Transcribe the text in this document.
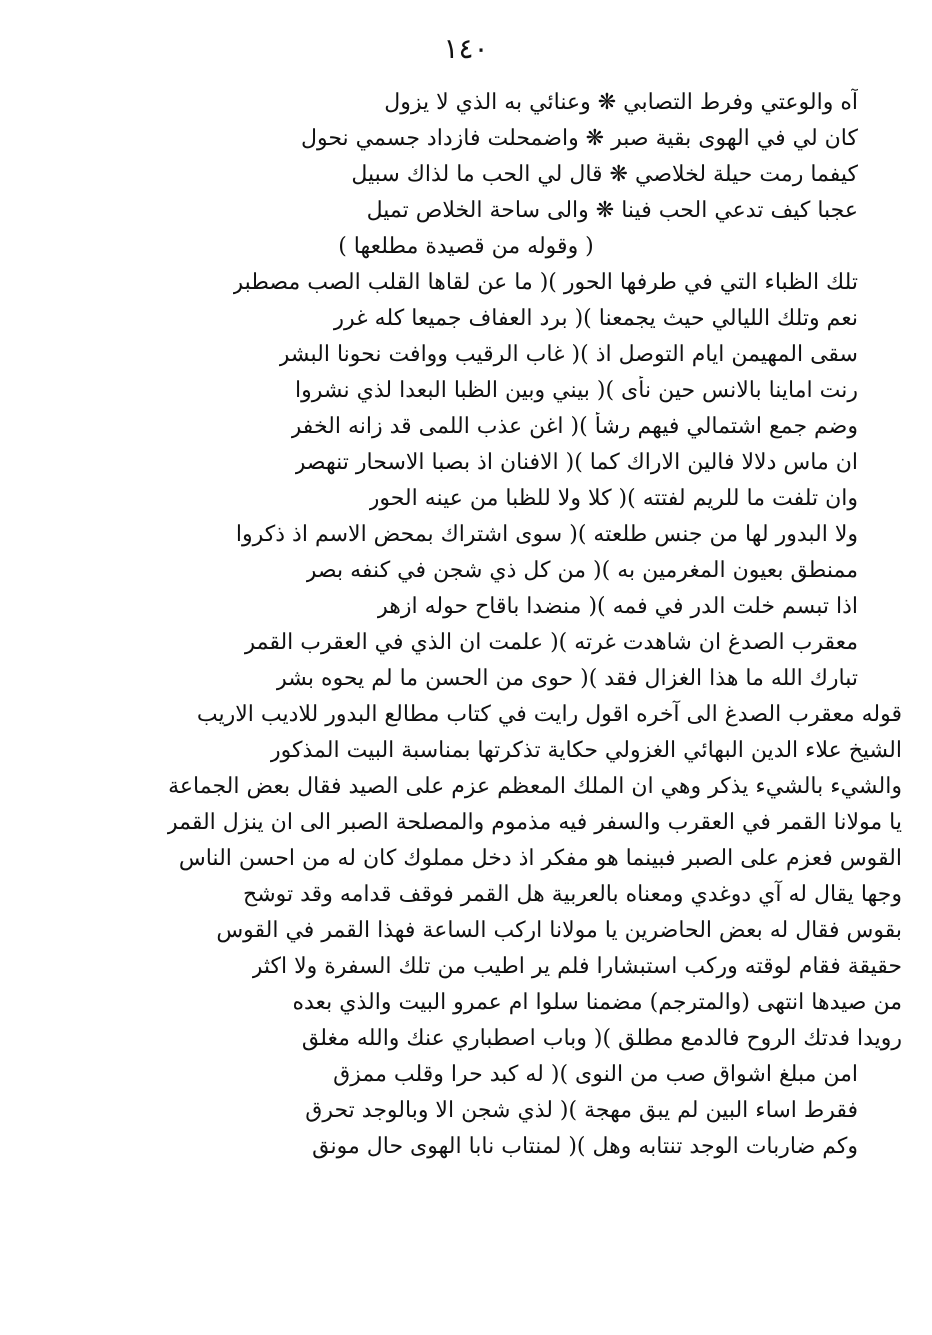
١٤٠
آه والوعتي وفرط التصابي ❋ وعنائي به الذي لا يزول
كان لي في الهوى بقية صبر ❋ واضمحلت فازداد جسمي نحول
كيفما رمت حيلة لخلاصي ❋ قال لي الحب ما لذاك سبيل
عجبا كيف تدعي الحب فينا ❋ والى ساحة الخلاص تميل
( وقوله من قصيدة مطلعها )
تلك الظباء التي في طرفها الحور )( ما عن لقاها القلب الصب مصطبر
نعم وتلك الليالي حيث يجمعنا )( برد العفاف جميعا كله غرر
سقى المهيمن ايام التوصل اذ )( غاب الرقيب ووافت نحونا البشر
رنت اماينا بالانس حين نأى )( بيني وبين الظبا البعدا لذي نشروا
وضم جمع اشتمالي فيهم رشأ )( اغن عذب اللمى قد زانه الخفر
ان ماس دلالا فالين الاراك كما )( الافنان اذ بصبا الاسحار تنهصر
وان تلفت ما للريم لفتته )( كلا ولا للظبا من عينه الحور
ولا البدور لها من جنس طلعته )( سوى اشتراك بمحض الاسم اذ ذكروا
ممنطق بعيون المغرمين به )( من كل ذي شجن في كنفه بصر
اذا تبسم خلت الدر في فمه )( منضدا باقاح حوله ازهر
معقرب الصدغ ان شاهدت غرته )( علمت ان الذي في العقرب القمر
تبارك الله ما هذا الغزال فقد )( حوى من الحسن ما لم يحوه بشر
قوله معقرب الصدغ الى آخره اقول رايت في كتاب مطالع البدور للاديب الاريب
الشيخ علاء الدين البهائي الغزولي حكاية تذكرتها بمناسبة البيت المذكور
والشيء بالشيء يذكر وهي ان الملك المعظم عزم على الصيد فقال بعض الجماعة
يا مولانا القمر في العقرب والسفر فيه مذموم والمصلحة الصبر الى ان ينزل القمر
القوس فعزم على الصبر فبينما هو مفكر اذ دخل مملوك كان له من احسن الناس
وجها يقال له آي دوغدي ومعناه بالعربية هل القمر فوقف قدامه وقد توشح
بقوس فقال له بعض الحاضرين يا مولانا اركب الساعة فهذا القمر في القوس
حقيقة فقام لوقته وركب استبشارا فلم ير اطيب من تلك السفرة ولا اكثر
من صيدها انتهى (والمترجم) مضمنا سلوا ام عمرو البيت والذي بعده
رويدا فدتك الروح فالدمع مطلق )( وباب اصطباري عنك والله مغلق
امن مبلغ اشواق صب من النوى )( له كبد حرا وقلب ممزق
فقرط اساء البين لم يبق مهجة )( لذي شجن الا وبالوجد تحرق
وكم ضاربات الوجد تنتابه وهل )( لمنتاب نابا الهوى حال مونق
